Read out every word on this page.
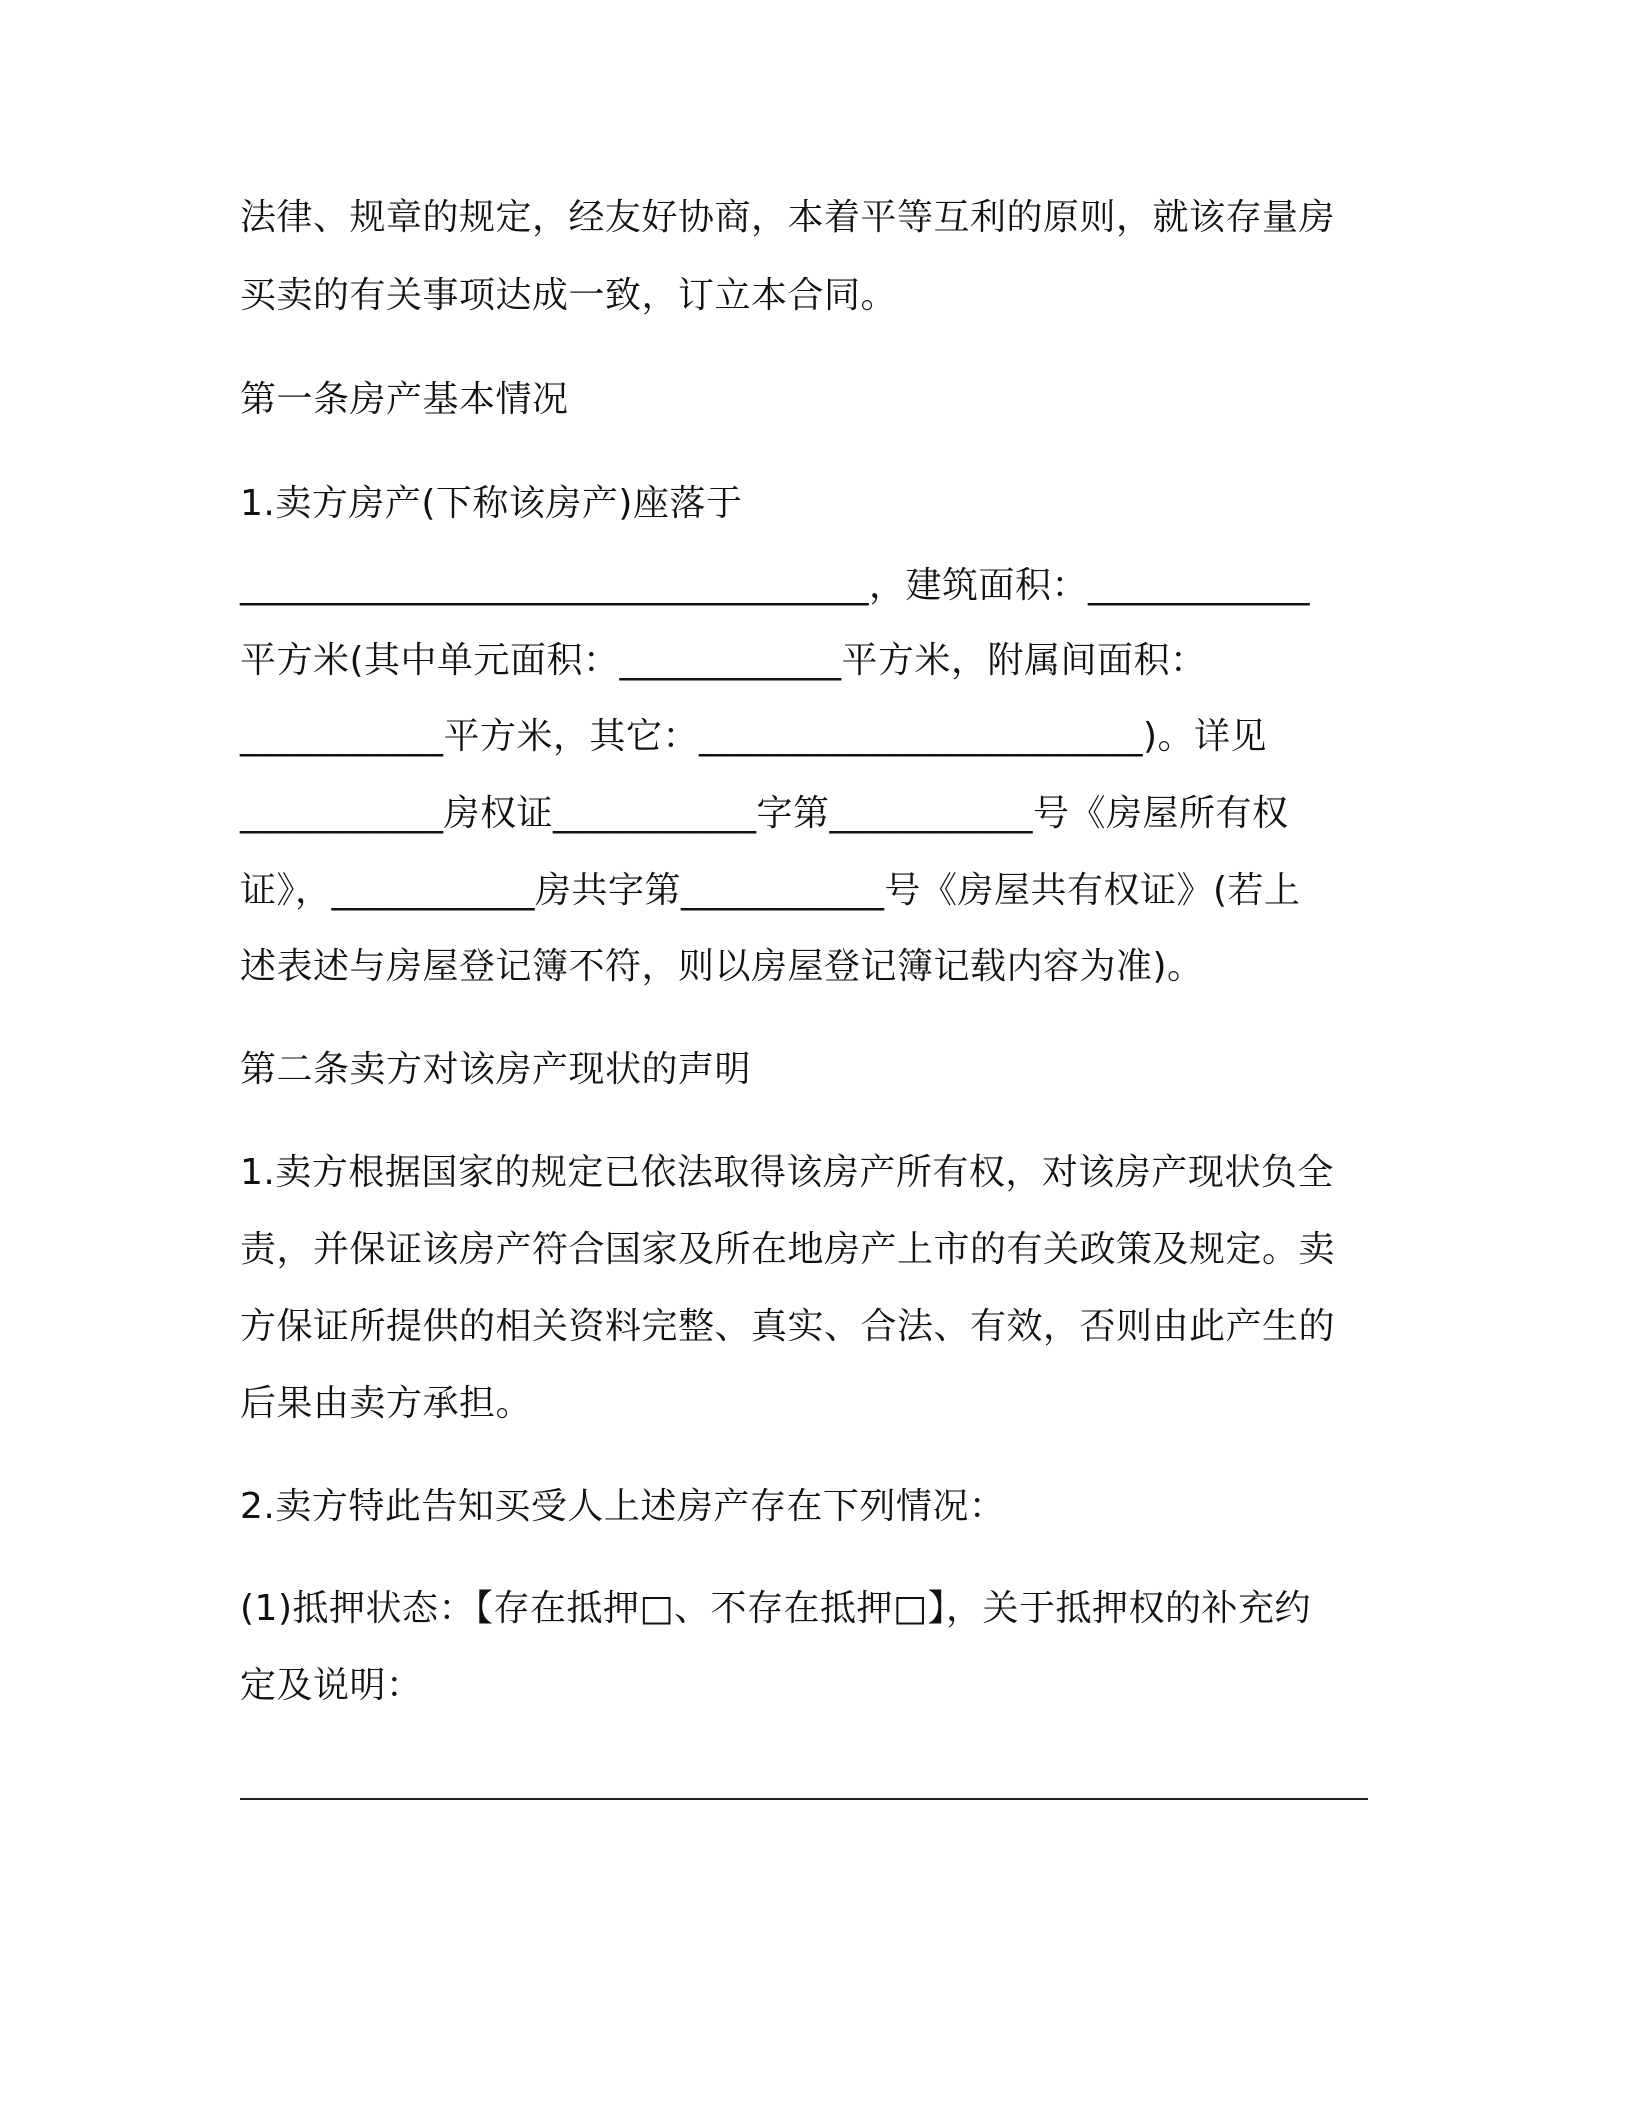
法律、规章的规定，经友好协商，本着平等互利的原则，就该存量房
买卖的有关事项达成一致，订立本合同。
第一条房产基本情况
1.卖方房产(下称该房产)座落于
__________________________________，建筑面积：____________
平方米(其中单元面积：____________平方米，附属间面积：
___________平方米，其它：________________________)。详见
___________房权证___________字第___________号《房屋所有权
证》，___________房共字第___________号《房屋共有权证》(若上
述表述与房屋登记簿不符，则以房屋登记簿记载内容为准)。
第二条卖方对该房产现状的声明
1.卖方根据国家的规定已依法取得该房产所有权，对该房产现状负全
责，并保证该房产符合国家及所在地房产上市的有关政策及规定。卖
方保证所提供的相关资料完整、真实、合法、有效，否则由此产生的
后果由卖方承担。
2.卖方特此告知买受人上述房产存在下列情况：
(1)抵押状态：【存在抵押□、不存在抵押□】，关于抵押权的补充约
定及说明：
